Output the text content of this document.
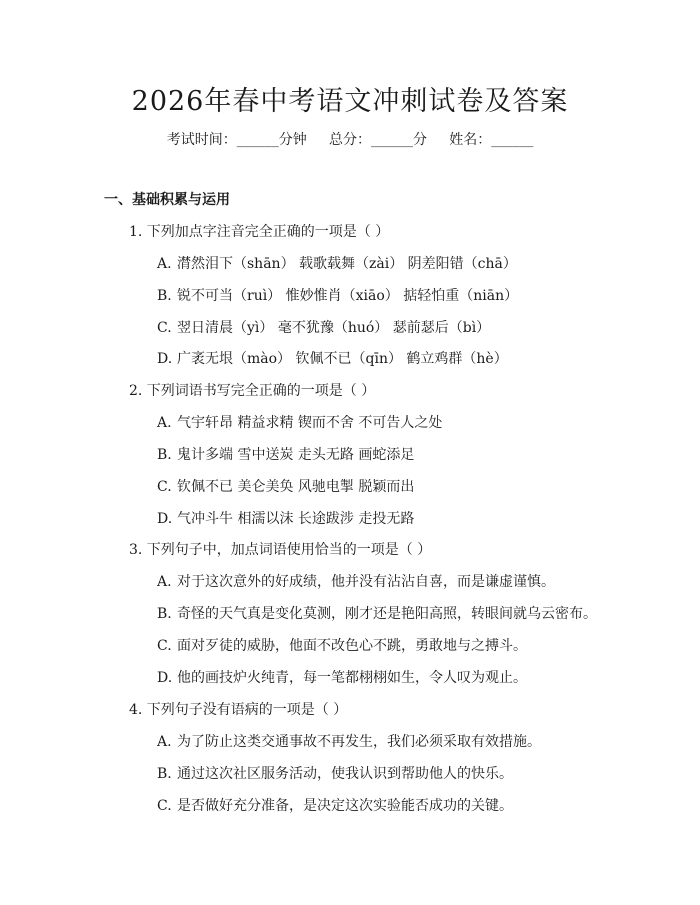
2026年春中考语文冲刺试卷及答案
考试时间：______分钟     总分：______分     姓名：______
一、基础积累与运用
1. 下列加点字注音完全正确的一项是（ ）
A. 潸然泪下（shān） 载歌载舞（zài） 阴差阳错（chā）
B. 锐不可当（ruì） 惟妙惟肖（xiāo） 掂轻怕重（niān）
C. 翌日清晨（yì） 毫不犹豫（huó） 瑟前瑟后（bì）
D. 广袤无垠（mào） 钦佩不已（qīn） 鹤立鸡群（hè）
2. 下列词语书写完全正确的一项是（ ）
A. 气宇轩昂 精益求精 锲而不舍 不可告人之处
B. 鬼计多端 雪中送炭 走头无路 画蛇添足
C. 钦佩不已 美仑美奂 风驰电掣 脱颖而出
D. 气冲斗牛 相濡以沫 长途跋涉 走投无路
3. 下列句子中，加点词语使用恰当的一项是（ ）
A. 对于这次意外的好成绩，他并没有沾沾自喜，而是谦虚谨慎。
B. 奇怪的天气真是变化莫测，刚才还是艳阳高照，转眼间就乌云密布。
C. 面对歹徒的威胁，他面不改色心不跳，勇敢地与之搏斗。
D. 他的画技炉火纯青，每一笔都栩栩如生，令人叹为观止。
4. 下列句子没有语病的一项是（ ）
A. 为了防止这类交通事故不再发生，我们必须采取有效措施。
B. 通过这次社区服务活动，使我认识到帮助他人的快乐。
C. 是否做好充分准备，是决定这次实验能否成功的关键。
